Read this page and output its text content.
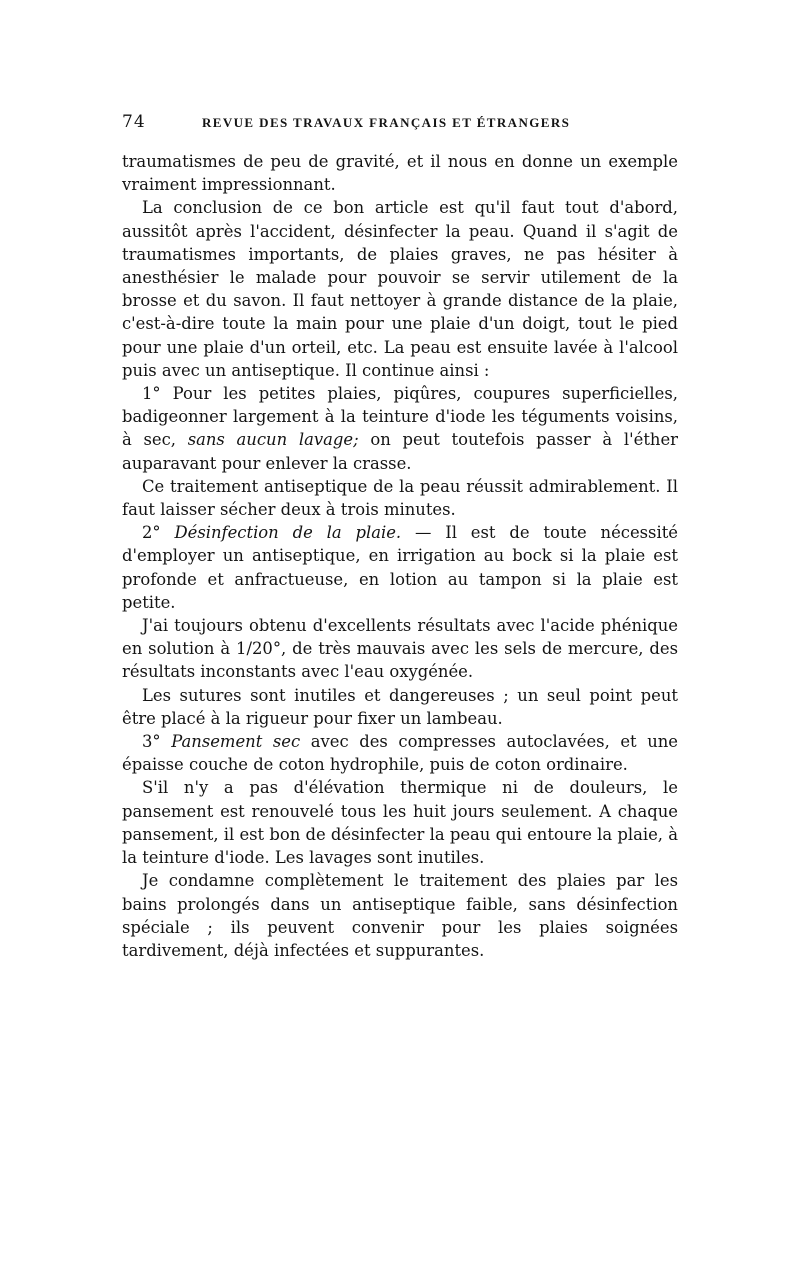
74	REVUE DES TRAVAUX FRANÇAIS ET ÉTRANGERS

traumatismes de peu de gravité, et il nous en donne un exemple vraiment impressionnant.

La conclusion de ce bon article est qu'il faut tout d'abord, aussitôt après l'accident, désinfecter la peau. Quand il s'agit de traumatismes importants, de plaies graves, ne pas hésiter à anesthésier le malade pour pouvoir se servir utilement de la brosse et du savon. Il faut nettoyer à grande distance de la plaie, c'est-à-dire toute la main pour une plaie d'un doigt, tout le pied pour une plaie d'un orteil, etc. La peau est ensuite lavée à l'alcool puis avec un antiseptique. Il continue ainsi :

1° Pour les petites plaies, piqûres, coupures superficielles, badigeonner largement à la teinture d'iode les téguments voisins, à sec, sans aucun lavage; on peut toutefois passer à l'éther auparavant pour enlever la crasse.

Ce traitement antiseptique de la peau réussit admirablement. Il faut laisser sécher deux à trois minutes.

2° Désinfection de la plaie. — Il est de toute nécessité d'employer un antiseptique, en irrigation au bock si la plaie est profonde et anfractueuse, en lotion au tampon si la plaie est petite.

J'ai toujours obtenu d'excellents résultats avec l'acide phénique en solution à 1/20°, de très mauvais avec les sels de mercure, des résultats inconstants avec l'eau oxygénée.

Les sutures sont inutiles et dangereuses ; un seul point peut être placé à la rigueur pour fixer un lambeau.

3° Pansement sec avec des compresses autoclavées, et une épaisse couche de coton hydrophile, puis de coton ordinaire.

S'il n'y a pas d'élévation thermique ni de douleurs, le pansement est renouvelé tous les huit jours seulement. A chaque pansement, il est bon de désinfecter la peau qui entoure la plaie, à la teinture d'iode. Les lavages sont inutiles.

Je condamne complètement le traitement des plaies par les bains prolongés dans un antiseptique faible, sans désinfection spéciale ; ils peuvent convenir pour les plaies soignées tardivement, déjà infectées et suppurantes.
